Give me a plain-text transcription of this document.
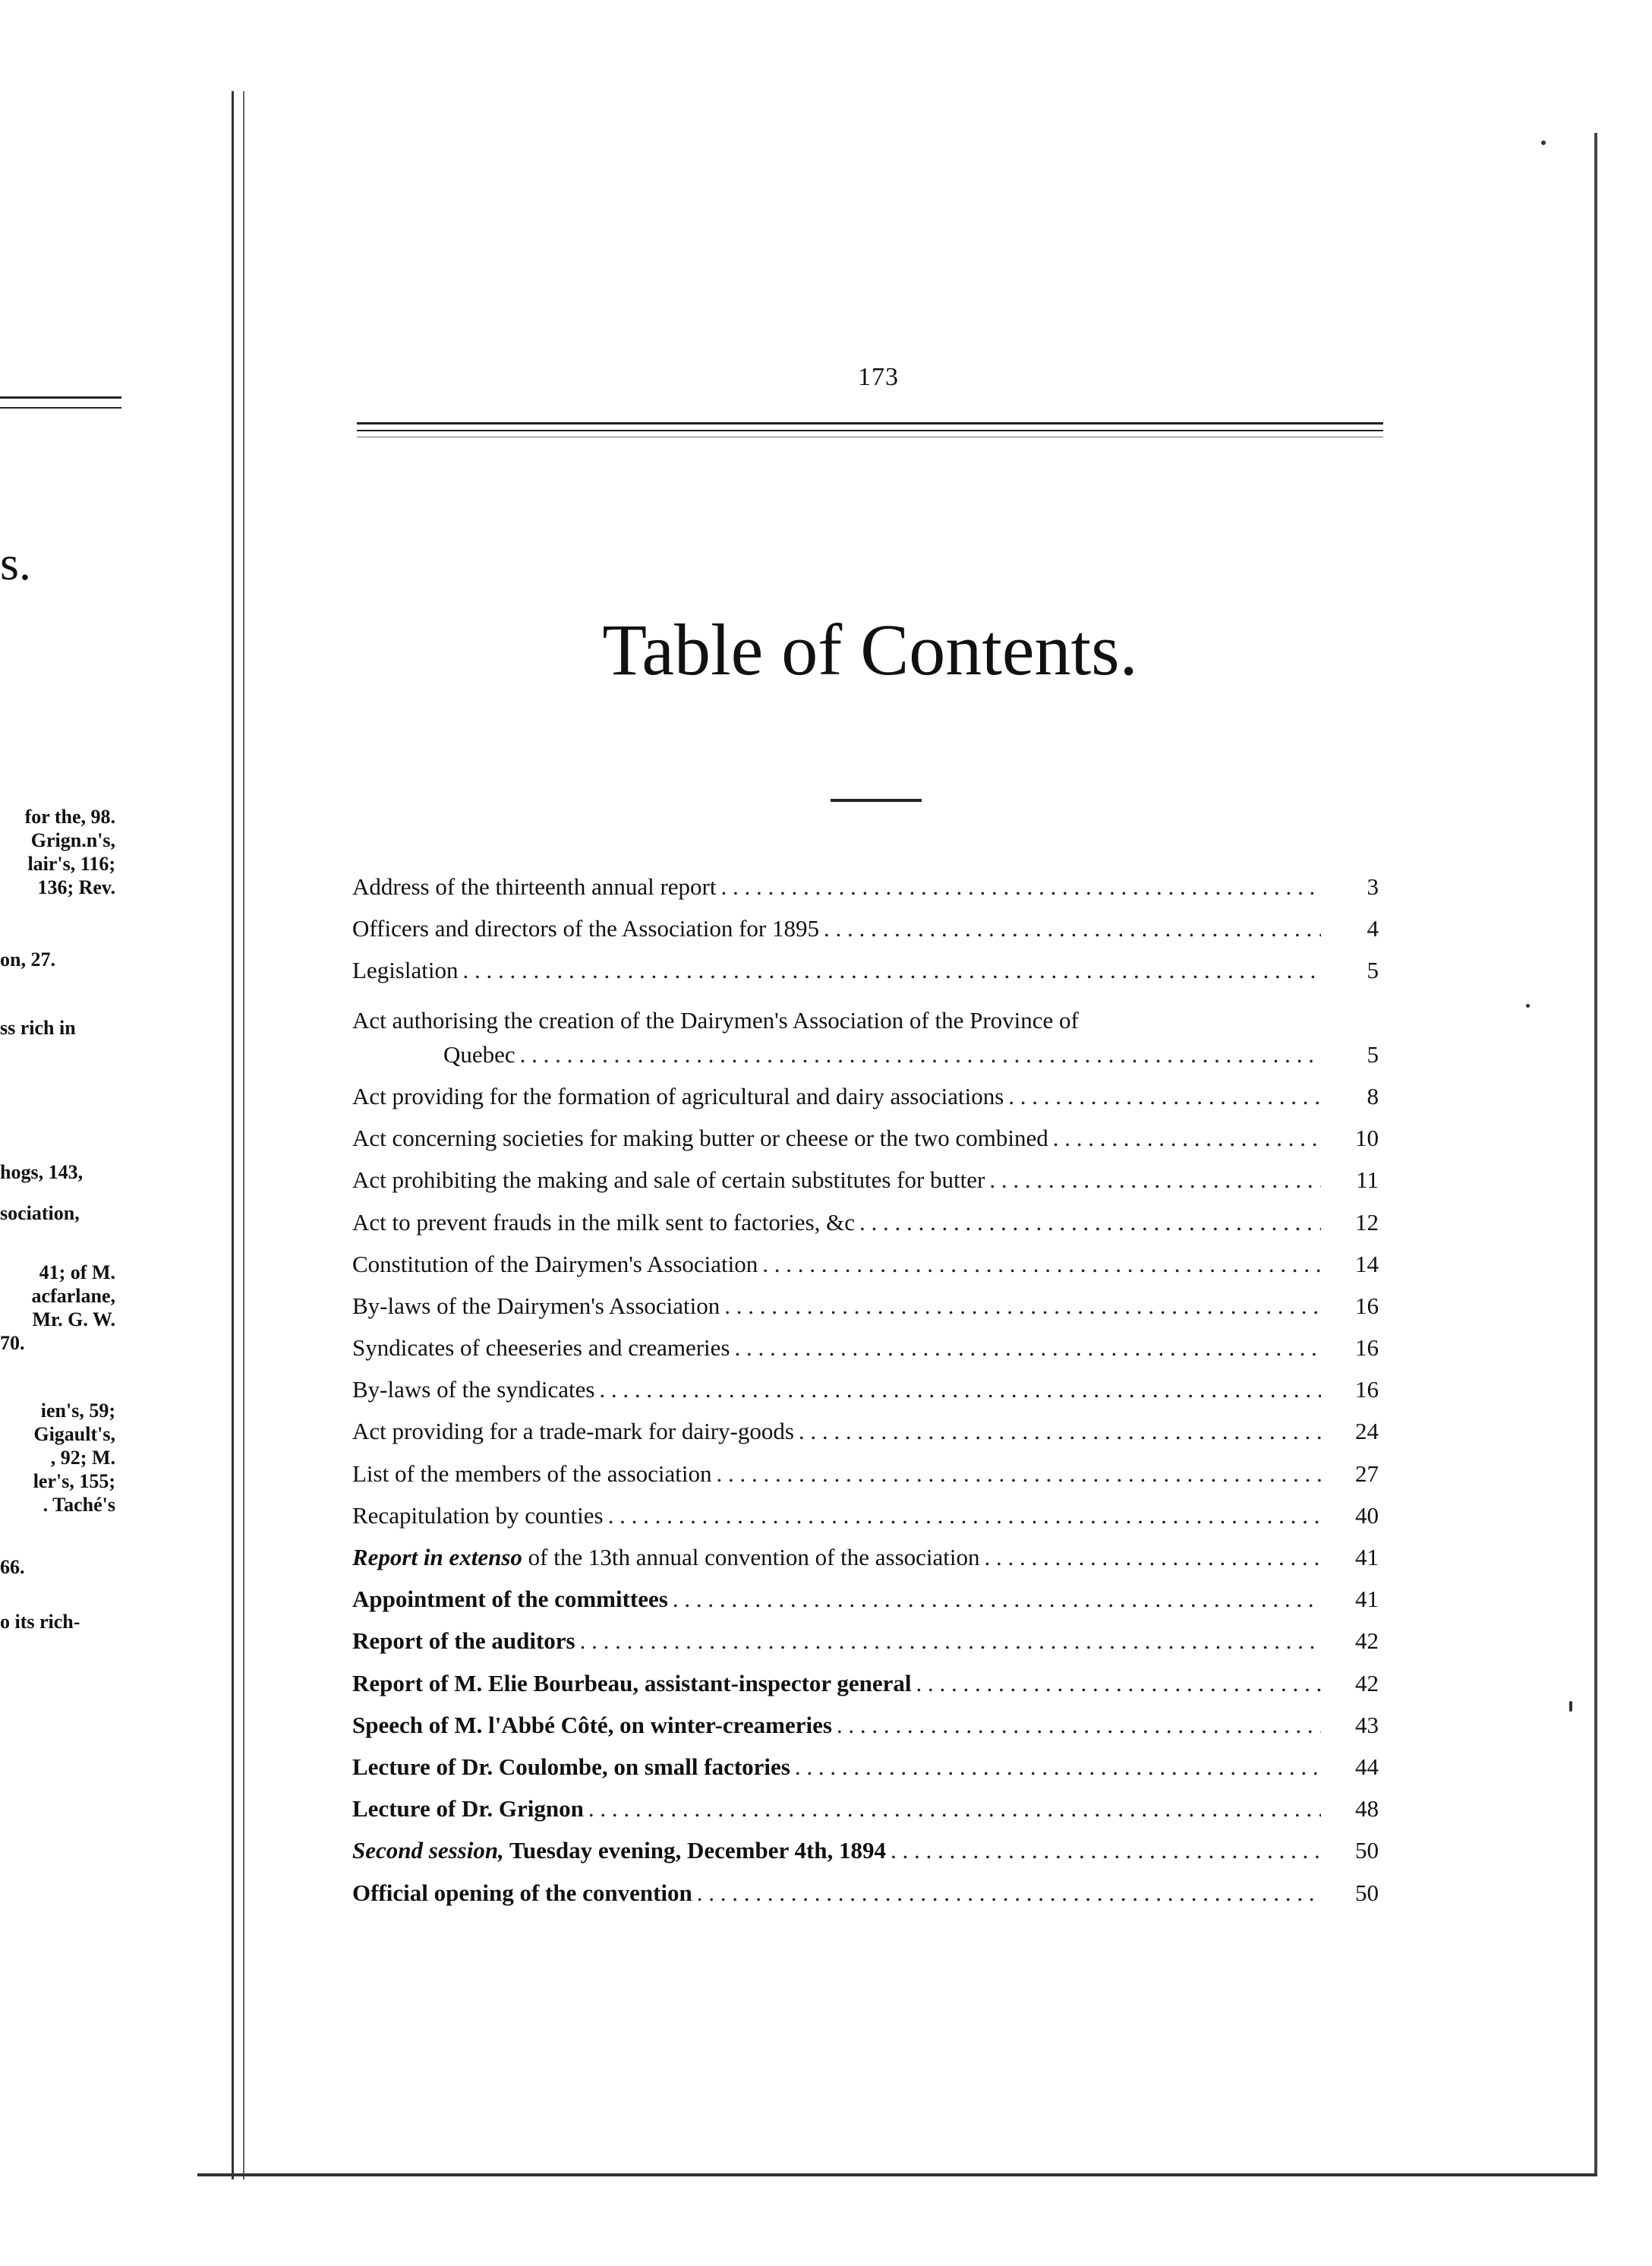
s.
for the, 98.
Grign.n's,
lair's, 116;
136; Rev.
on, 27.
ss rich in
hogs, 143,
sociation,
41; of M.
acfarlane,
Mr. G. W.
70.
ien's, 59;
Gigault's,
, 92; M.
ler's, 155;
. Taché's
66.
o its rich-
173
Table of Contents.
Address of the thirteenth annual report . . .	3
Officers and directors of the Association for 1895 . . .	4
Legislation . . .	5
Act authorising the creation of the Dairymen's Association of the Province of
Quebec . . .	5
Act providing for the formation of agricultural and dairy associations . . .	8
Act concerning societies for making butter or cheese or the two combined . . .	10
Act prohibiting the making and sale of certain substitutes for butter . . .	11
Act to prevent frauds in the milk sent to factories, &c . . .	12
Constitution of the Dairymen's Association . . .	14
By-laws of the Dairymen's Association . . .	16
Syndicates of cheeseries and creameries . . .	16
By-laws of the syndicates . . .	16
Act providing for a trade-mark for dairy-goods . . .	24
List of the members of the association . . .	27
Recapitulation by counties . . .	40
Report in extenso of the 13th annual convention of the association . . .	41
Appointment of the committees . . .	41
Report of the auditors . . .	42
Report of M. Elie Bourbeau, assistant-inspector general . . .	42
Speech of M. l'Abbé Côté, on winter-creameries . . .	43
Lecture of Dr. Coulombe, on small factories . . .	44
Lecture of Dr. Grignon . . .	48
Second session, Tuesday evening, December 4th, 1894 . . .	50
Official opening of the convention . . .	50
